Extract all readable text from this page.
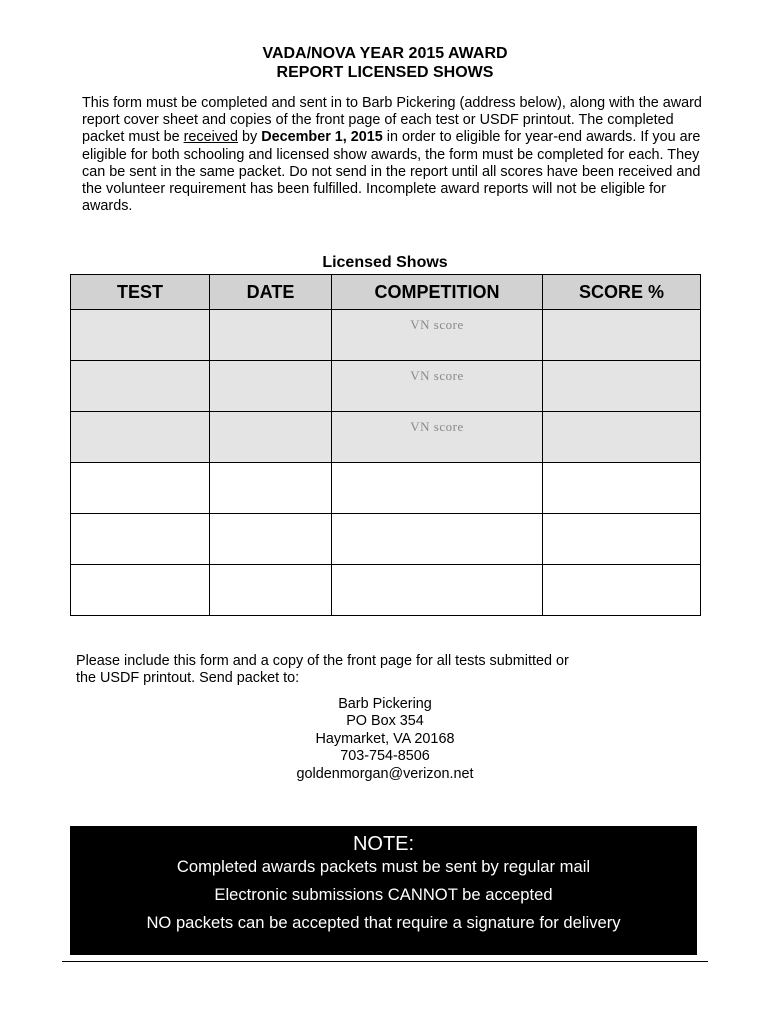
VADA/NOVA YEAR 2015 AWARD
REPORT LICENSED SHOWS
This form must be completed and sent in to Barb Pickering (address below), along with the award report cover sheet and copies of the front page of each test or USDF printout. The completed packet must be received by December 1, 2015 in order to eligible for year-end awards. If you are eligible for both schooling and licensed show awards, the form must be completed for each. They can be sent in the same packet. Do not send in the report until all scores have been received and the volunteer requirement has been fulfilled. Incomplete award reports will not be eligible for awards.
Licensed Shows
TEST	DATE	COMPETITION	SCORE %

		VN score	

		VN score	

		VN score	

Please include this form and a copy of the front page for all tests submitted or
the USDF printout. Send packet to:
Barb Pickering
PO Box 354
Haymarket, VA 20168
703-754-8506
goldenmorgan@verizon.net
NOTE:
Completed awards packets must be sent by regular mail
Electronic submissions CANNOT be accepted
NO packets can be accepted that require a signature for delivery
